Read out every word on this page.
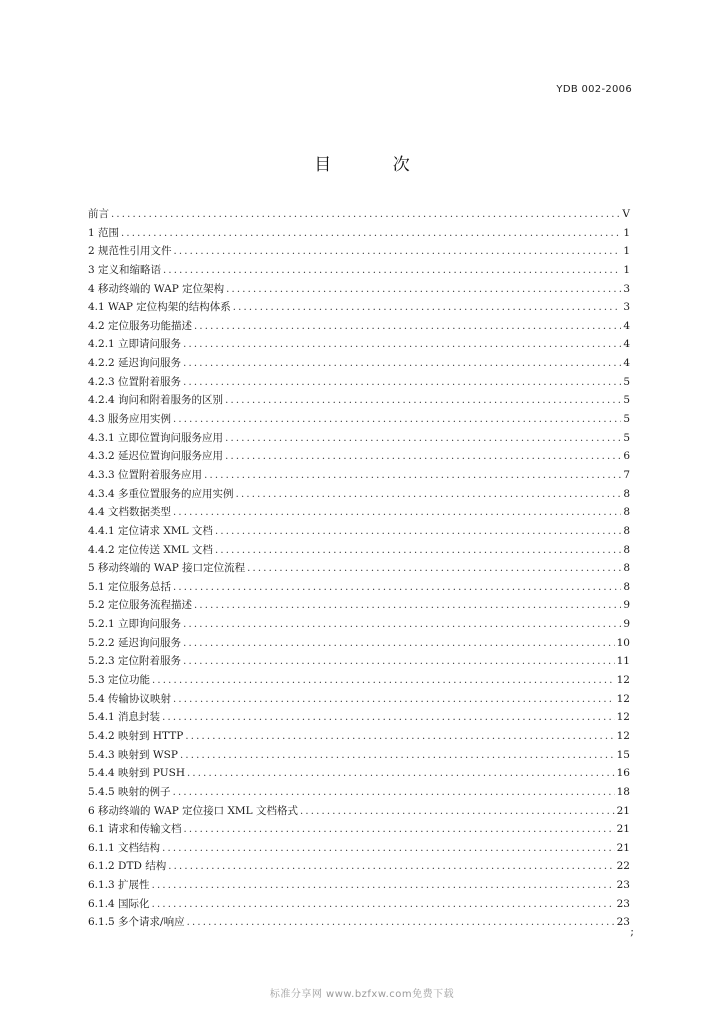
YDB 002-2006
目 次
前言 .....	V
1 范围 .....	1
2 规范性引用文件 .....	1
3 定义和缩略语 .....	1
4 移动终端的 WAP 定位架构 .....	3
4.1 WAP 定位构架的结构体系 .....	3
4.2 定位服务功能描述 .....	4
4.2.1 立即请问服务 .....	4
4.2.2 延迟询问服务 .....	4
4.2.3 位置附着服务 .....	5
4.2.4 询问和附着服务的区别 .....	5
4.3 服务应用实例 .....	5
4.3.1 立即位置询问服务应用 .....	5
4.3.2 延迟位置询问服务应用 .....	6
4.3.3 位置附着服务应用 .....	7
4.3.4 多重位置服务的应用实例 .....	8
4.4 文档数据类型 .....	8
4.4.1 定位请求 XML 文档 .....	8
4.4.2 定位传送 XML 文档 .....	8
5 移动终端的 WAP 接口定位流程 .....	8
5.1 定位服务总括 .....	8
5.2 定位服务流程描述 .....	9
5.2.1 立即询问服务 .....	9
5.2.2 延迟询问服务 .....	10
5.2.3 定位附着服务 .....	11
5.3 定位功能 .....	12
5.4 传输协议映射 .....	12
5.4.1 消息封装 .....	12
5.4.2 映射到 HTTP .....	12
5.4.3 映射到 WSP .....	15
5.4.4 映射到 PUSH .....	16
5.4.5 映射的例子 .....	18
6 移动终端的 WAP 定位接口 XML 文档格式 .....	21
6.1 请求和传输文档 .....	21
6.1.1 文档结构 .....	21
6.1.2 DTD 结构 .....	22
6.1.3 扩展性 .....	23
6.1.4 国际化 .....	23
6.1.5 多个请求/响应 .....	23
;
标准分享网 www.bzfxw.com免费下载
